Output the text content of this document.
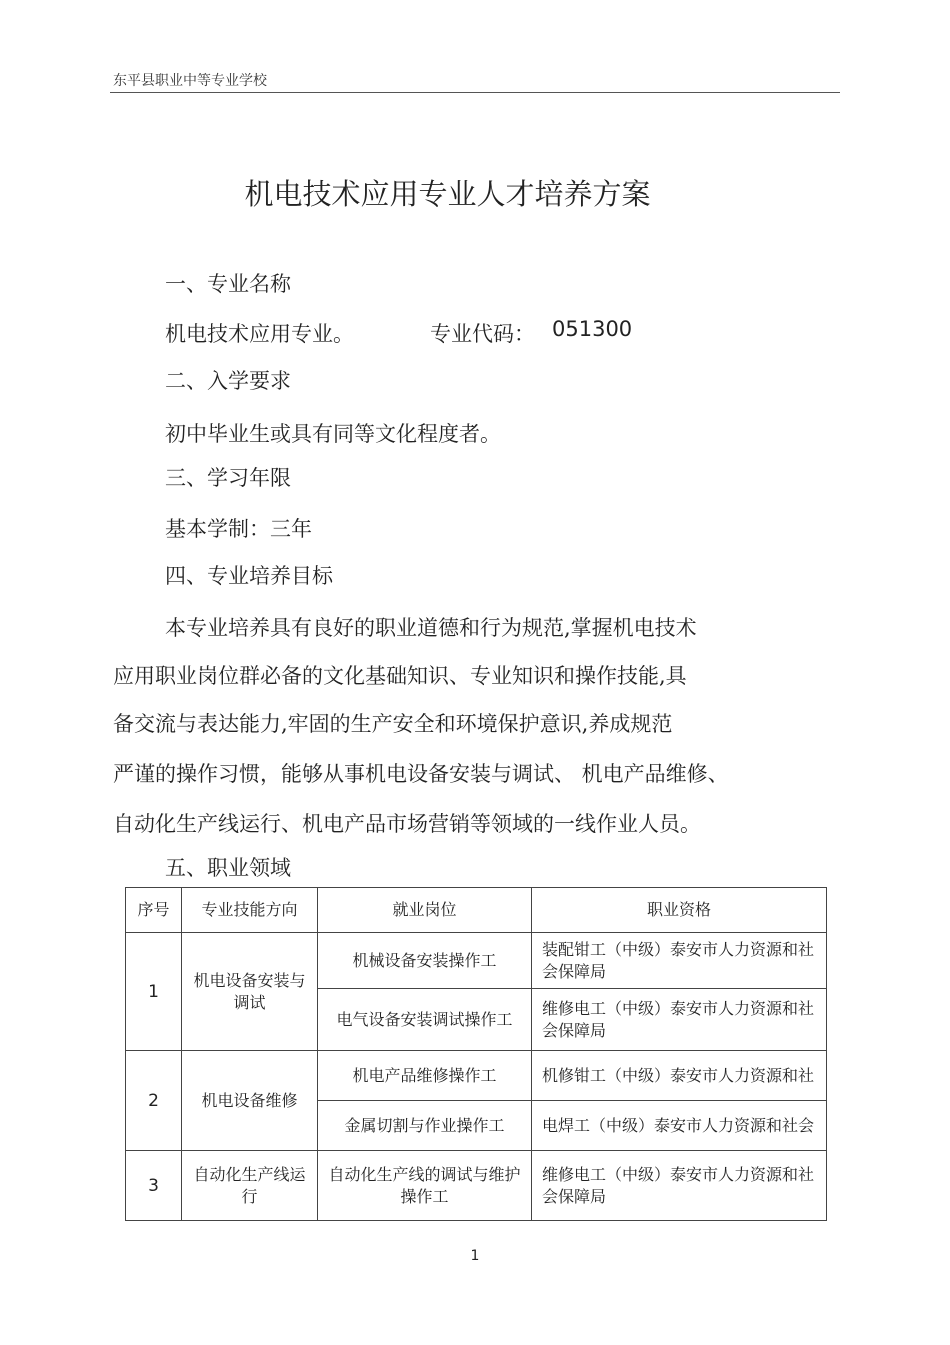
东平县职业中等专业学校
机电技术应用专业人才培养方案
一、专业名称
机电技术应用专业。	专业代码： 051300
二、入学要求
初中毕业生或具有同等文化程度者。
三、学习年限
基本学制：三年
四、专业培养目标
本专业培养具有良好的职业道德和行为规范,掌握机电技术
应用职业岗位群必备的文化基础知识、专业知识和操作技能,具
备交流与表达能力,牢固的生产安全和环境保护意识,养成规范
严谨的操作习惯，能够从事机电设备安装与调试、 机电产品维修、
自动化生产线运行、机电产品市场营销等领域的一线作业人员。
五、职业领域
序号	专业技能方向	就业岗位	职业资格
1	机电设备安装与调试	机械设备安装操作工	装配钳工（中级）泰安市人力资源和社会保障局
		电气设备安装调试操作工	维修电工（中级）泰安市人力资源和社会保障局
2	机电设备维修	机电产品维修操作工	机修钳工（中级）泰安市人力资源和社
		金属切割与作业操作工	电焊工（中级）泰安市人力资源和社会
3	自动化生产线运行	自动化生产线的调试与维护操作工	维修电工（中级）泰安市人力资源和社会保障局
1
